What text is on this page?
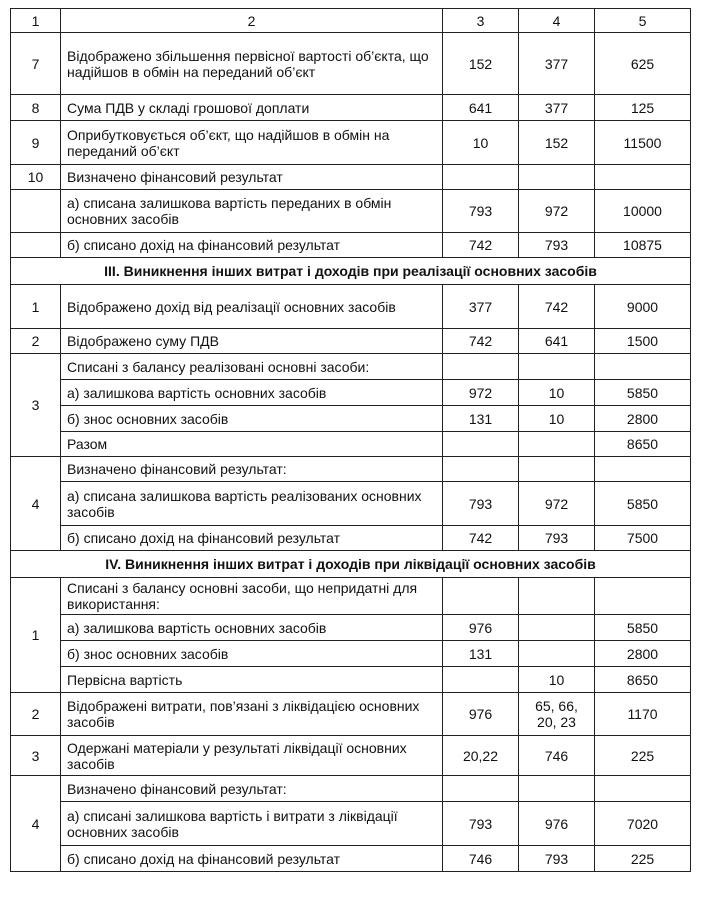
1	2	3	4	5
7	Відображено збільшення первісної вартості об’єкта, що надійшов в обмін на переданий об’єкт	152	377	625
8	Сума ПДВ у складі грошової доплати	641	377	125
9	Оприбутковується об’єкт, що надійшов в обмін на переданий об’єкт	10	152	11500
10	Визначено фінансовий результат			
	а) списана залишкова вартість переданих в обмін основних засобів	793	972	10000
	б) списано дохід на фінансовий результат	742	793	10875
III. Виникнення інших витрат і доходів при реалізації основних засобів				
1	Відображено дохід від реалізації основних засобів	377	742	9000
2	Відображено суму ПДВ	742	641	1500
3	Списані з балансу реалізовані основні засоби:			
	а) залишкова вартість основних засобів	972	10	5850
	б) знос основних засобів	131	10	2800
	Разом			8650
4	Визначено фінансовий результат:			
	а) списана залишкова вартість реалізованих основних засобів	793	972	5850
	б) списано дохід на фінансовий результат	742	793	7500
IV. Виникнення інших витрат і доходів при ліквідації основних засобів				
1	Списані з балансу основні засоби, що непридатні для використання:			
	а) залишкова вартість основних засобів	976		5850
	б) знос основних засобів	131		2800
	Первісна вартість		10	8650
2	Відображені витрати, пов’язані з ліквідацією основних засобів	976	65, 66, 20, 23	1170
3	Одержані матеріали у результаті ліквідації основних засобів	20,22	746	225
4	Визначено фінансовий результат:			
	а) списані залишкова вартість і витрати з ліквідації основних засобів	793	976	7020
	б) списано дохід на фінансовий результат	746	793	225
